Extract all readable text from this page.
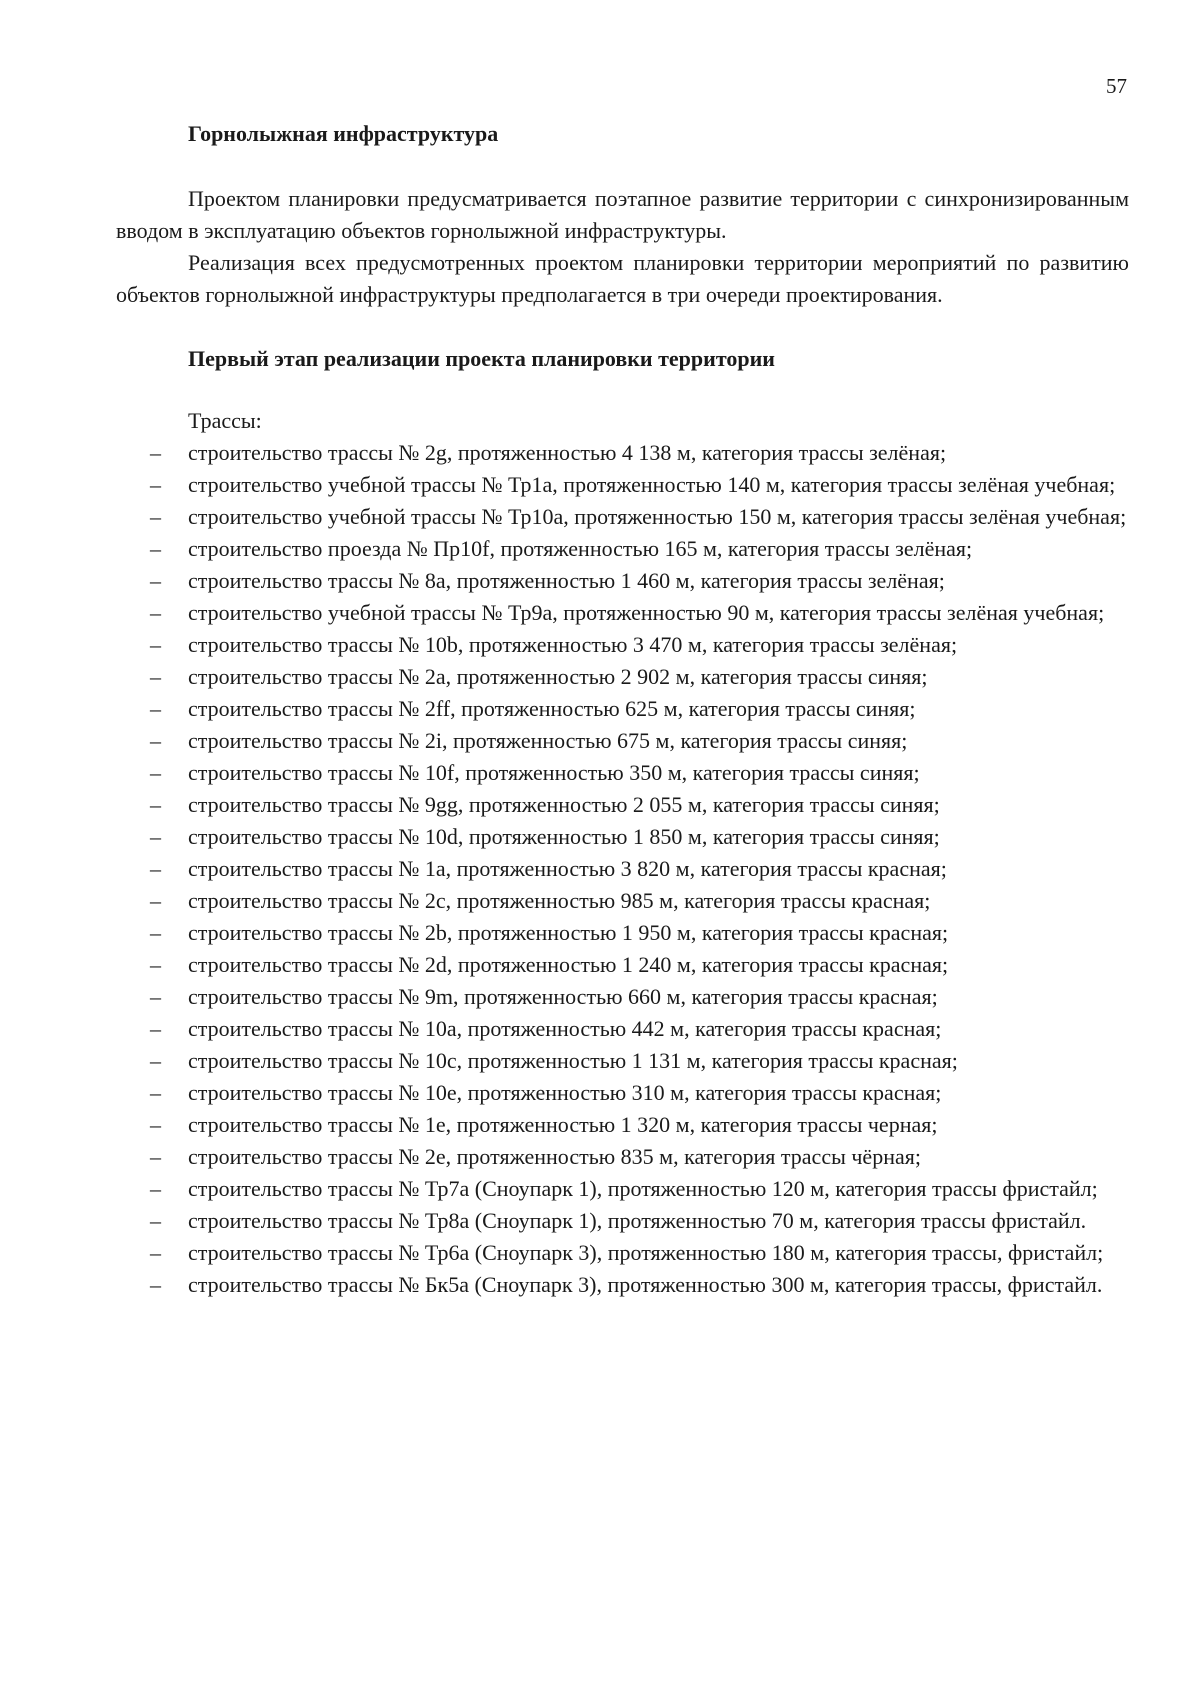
57
Горнолыжная инфраструктура
Проектом планировки предусматривается поэтапное развитие территории с синхронизированным вводом в эксплуатацию объектов горнолыжной инфраструктуры.
Реализация всех предусмотренных проектом планировки территории мероприятий по развитию объектов горнолыжной инфраструктуры предполагается в три очереди проектирования.
Первый этап реализации проекта планировки территории
Трассы:
– строительство трассы № 2g, протяженностью 4 138 м, категория трассы зелёная;
– строительство учебной трассы № Тр1а, протяженностью 140 м, категория трассы зелёная учебная;
– строительство учебной трассы № Тр10а, протяженностью 150 м, категория трассы зелёная учебная;
– строительство проезда № Пр10f, протяженностью 165 м, категория трассы зелёная;
– строительство трассы № 8а, протяженностью 1 460 м, категория трассы зелёная;
– строительство учебной трассы № Тр9а, протяженностью 90 м, категория трассы зелёная учебная;
– строительство трассы № 10b, протяженностью 3 470 м, категория трассы зелёная;
– строительство трассы № 2а, протяженностью 2 902 м, категория трассы синяя;
– строительство трассы № 2ff, протяженностью 625 м, категория трассы синяя;
– строительство трассы № 2i, протяженностью 675 м, категория трассы синяя;
– строительство трассы № 10f, протяженностью 350 м, категория трассы синяя;
– строительство трассы № 9gg, протяженностью 2 055 м, категория трассы синяя;
– строительство трассы № 10d, протяженностью 1 850 м, категория трассы синяя;
– строительство трассы № 1а, протяженностью 3 820 м, категория трассы красная;
– строительство трассы № 2с, протяженностью 985 м, категория трассы красная;
– строительство трассы № 2b, протяженностью 1 950 м, категория трассы красная;
– строительство трассы № 2d, протяженностью 1 240 м, категория трассы красная;
– строительство трассы № 9m, протяженностью 660 м, категория трассы красная;
– строительство трассы № 10а, протяженностью 442 м, категория трассы красная;
– строительство трассы № 10с, протяженностью 1 131 м, категория трассы красная;
– строительство трассы № 10е, протяженностью 310 м, категория трассы красная;
– строительство трассы № 1е, протяженностью 1 320 м, категория трассы черная;
– строительство трассы № 2е, протяженностью 835 м, категория трассы чёрная;
– строительство трассы № Тр7а (Сноупарк 1), протяженностью 120 м, категория трассы фристайл;
– строительство трассы № Тр8а (Сноупарк 1), протяженностью 70 м, категория трассы фристайл.
– строительство трассы № Тр6а (Сноупарк 3), протяженностью 180 м, категория трассы, фристайл;
– строительство трассы № Бк5а (Сноупарк 3), протяженностью 300 м, категория трассы, фристайл.
